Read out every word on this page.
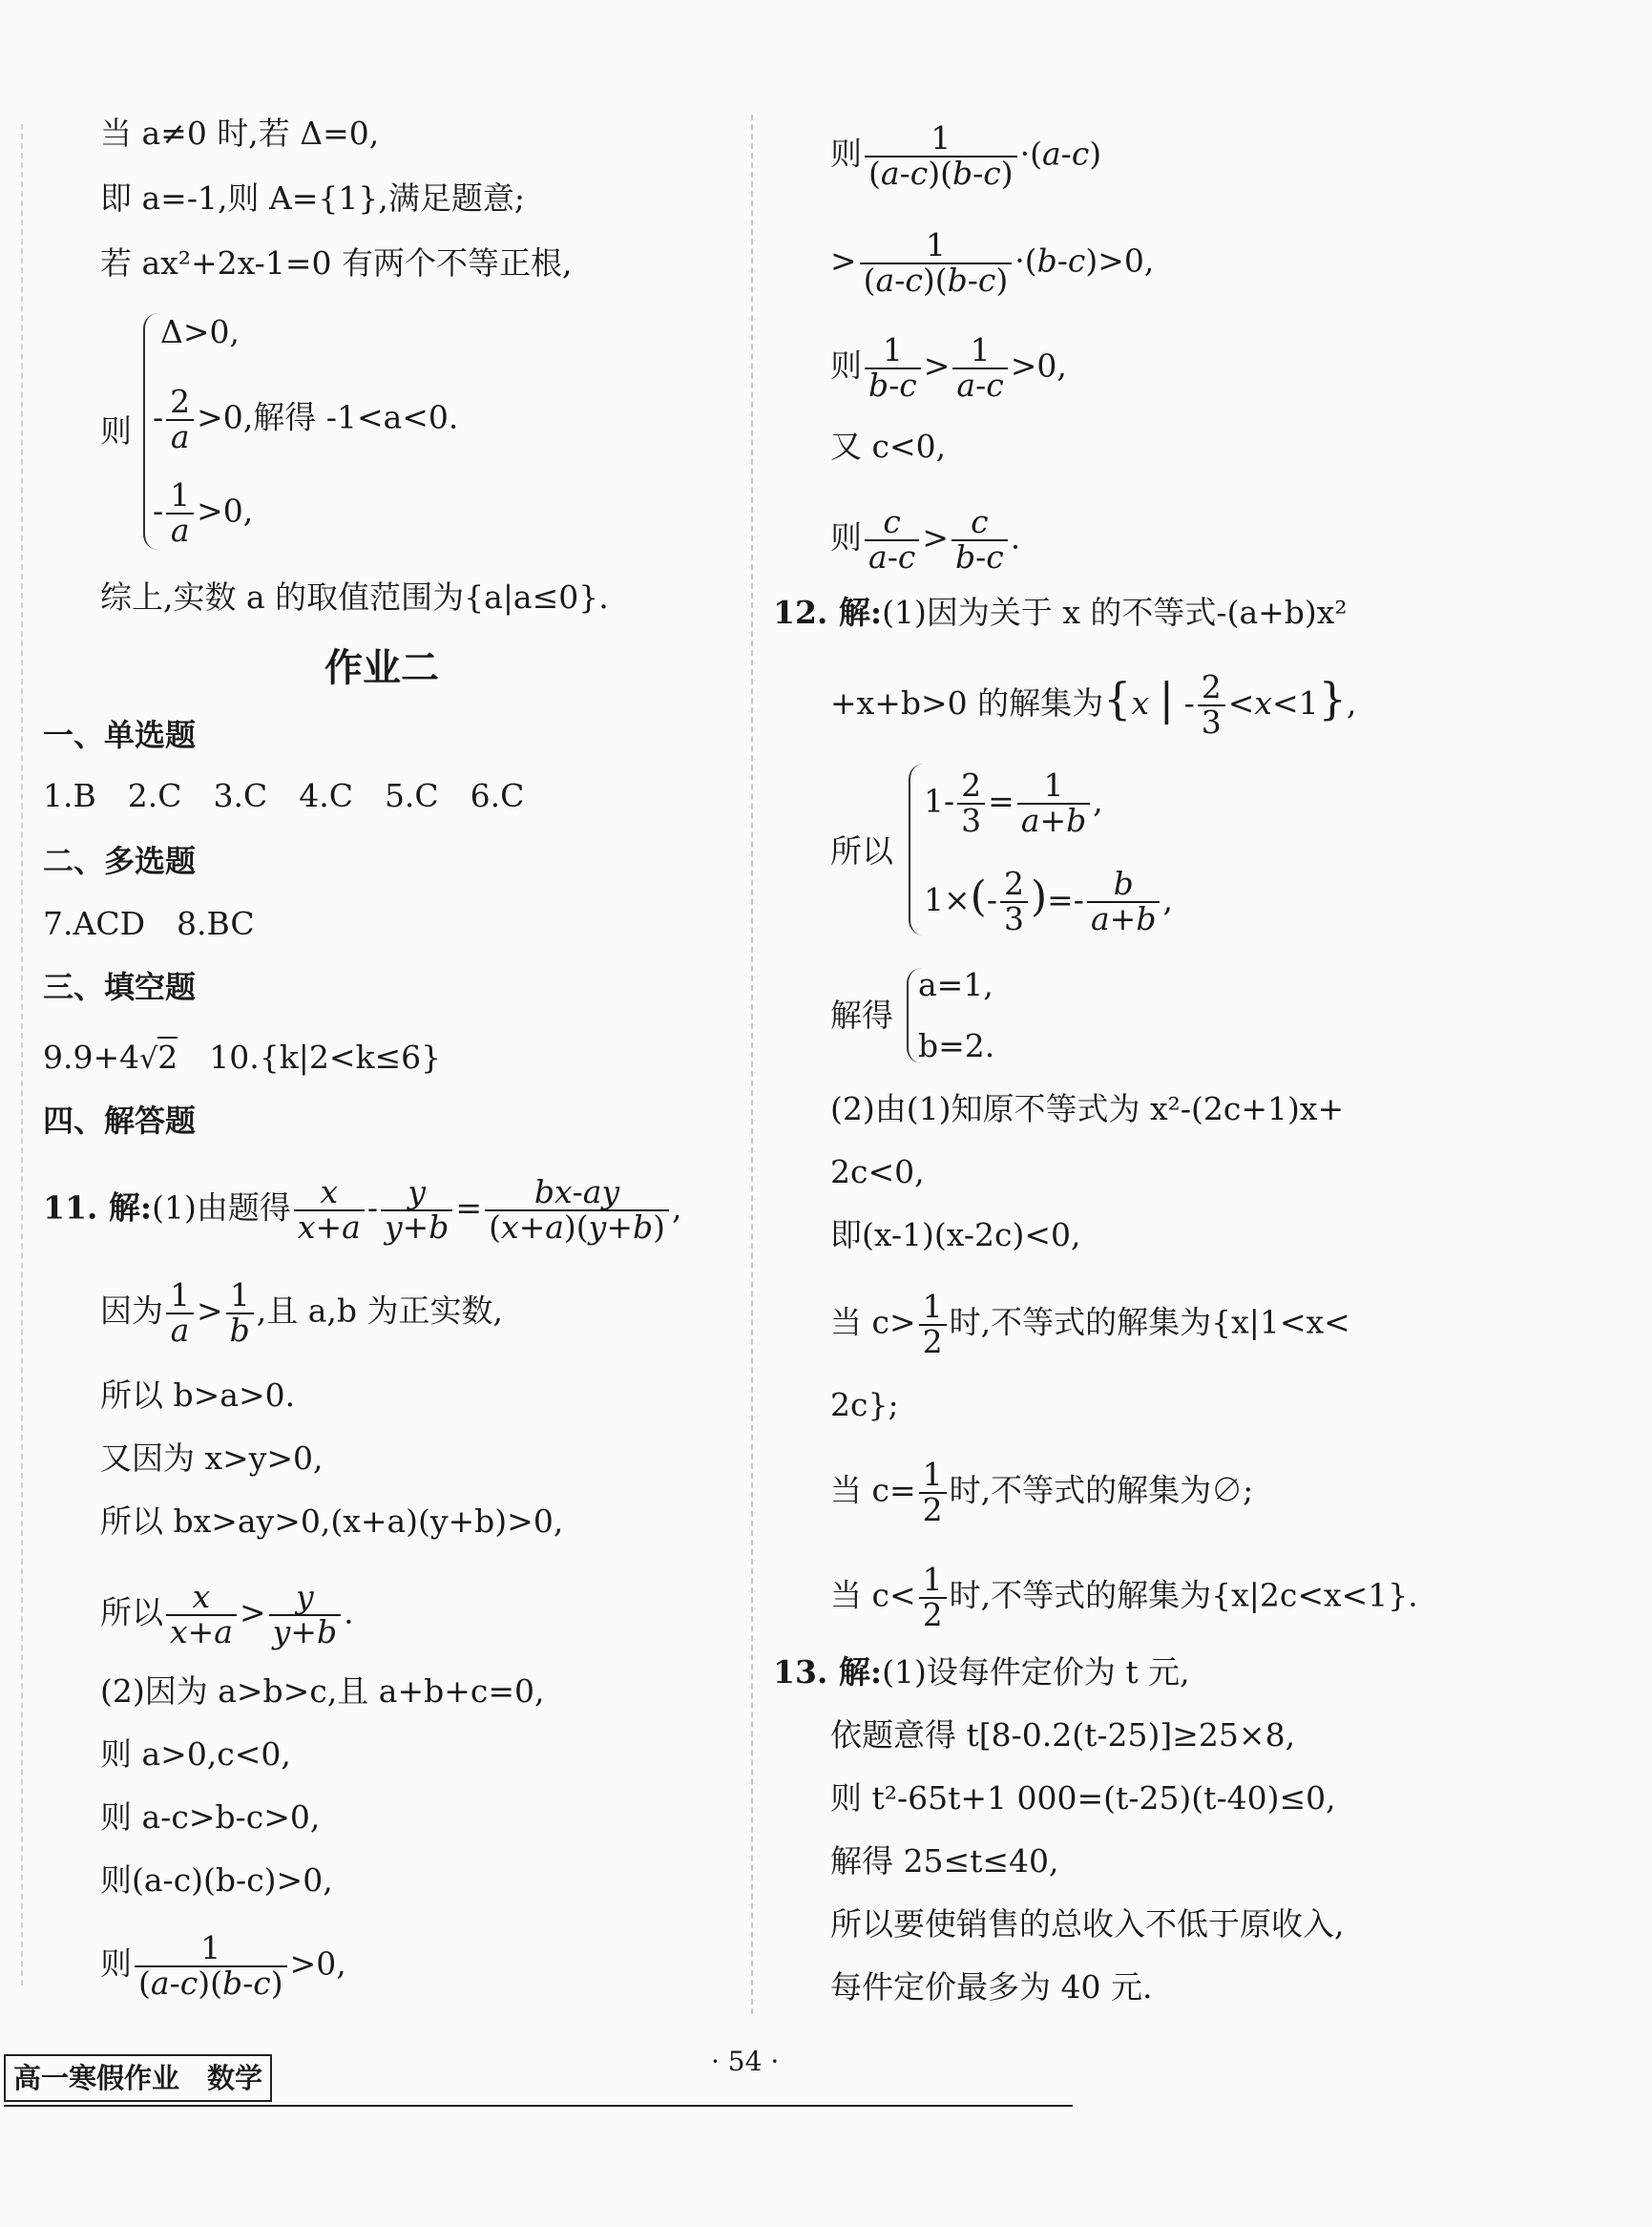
当 a≠0 时,若 Δ=0,
即 a=-1,则 A={1},满足题意;
若 ax²+2x-1=0 有两个不等正根,
则
Δ>0,
- $\frac{2}{a} >0$,解得 -1<a<0.
- $\frac{1}{a} >0$,
综上,实数 a 的取值范围为{a|a≤0}.
作业二
一、单选题
1.B　2.C　3.C　4.C　5.C　6.C
二、多选题
7.ACD　8.BC
三、填空题
9.9+4√2　10.{k|2<k≤6}
四、解答题
11. 解:(1)由题得 $\frac{x}{x+a} - \frac{y}{y+b} = \frac{bx-ay}{(x+a)(y+b)}$ ,
因为 $\frac{1}{a} > \frac{1}{b}$ ,且 a,b 为正实数,
所以 b>a>0.
又因为 x>y>0,
所以 bx>ay>0,(x+a)(y+b)>0,
所以 $\frac{x}{x+a} > \frac{y}{y+b}$ .
(2)因为 a>b>c,且 a+b+c=0,
则 a>0,c<0,
则 a-c>b-c>0,
则(a-c)(b-c)>0,
则 $\frac{1}{(a-c)(b-c)} >0$,
则 $\frac{1}{(a-c)(b-c)} \cdot(a-c)$
> $\frac{1}{(a-c)(b-c)} \cdot(b-c)>0$,
则 $\frac{1}{b-c} > \frac{1}{a-c} >0$,
又 c<0,
则 $\frac{c}{a-c} > \frac{c}{b-c}$ .
12. 解:(1)因为关于 x 的不等式-(a+b)x²
+x+b>0 的解集为{x | - $\frac{2}{3} <x<1$},
所以
$1- \frac{2}{3} = \frac{1}{a+b}$ ,
$1\times(- \frac{2}{3}$ )=- $\frac{b}{a+b}$ ,
解得
a=1,
b=2.
(2)由(1)知原不等式为 x²-(2c+1)x+
2c<0,
即(x-1)(x-2c)<0,
当 $c> \frac{1}{2}$ 时,不等式的解集为{x|1<x<
2c};
当 $c= \frac{1}{2}$ 时,不等式的解集为∅;
当 $c< \frac{1}{2}$ 时,不等式的解集为{x|2c<x<1}.
13. 解:(1)设每件定价为 t 元,
依题意得 t[8-0.2(t-25)]≥25×8,
则 t²-65t+1 000=(t-25)(t-40)≤0,
解得 25≤t≤40,
所以要使销售的总收入不低于原收入,
每件定价最多为 40 元.
高一寒假作业　数学
· 54 ·
